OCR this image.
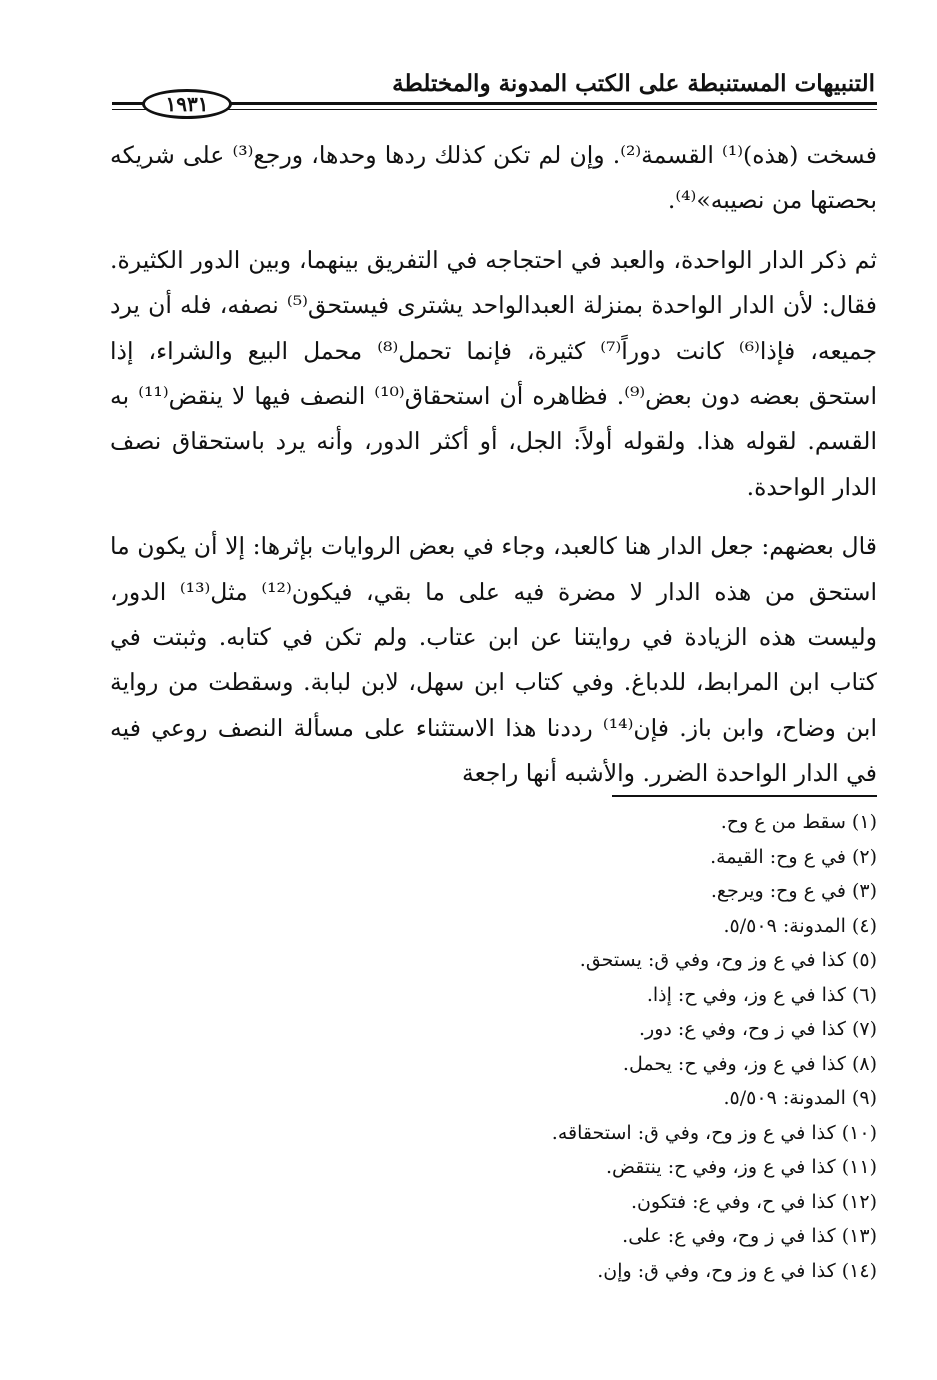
التنبيهات المستنبطة على الكتب المدونة والمختلطة
١٩٣١

فسخت (هذه)⁽¹⁾ القسمة⁽²⁾. وإن لم تكن كذلك ردها وحدها، ورجع⁽³⁾ على شريكه بحصتها من نصيبه»⁽⁴⁾.

ثم ذكر الدار الواحدة، والعبد في احتجاجه في التفريق بينهما، وبين الدور الكثيرة. فقال: لأن الدار الواحدة بمنزلة العبدالواحد يشترى فيستحق⁽⁵⁾ نصفه، فله أن يرد جميعه، فإذا⁽⁶⁾ كانت دوراً⁽⁷⁾ كثيرة، فإنما تحمل⁽⁸⁾ محمل البيع والشراء، إذا استحق بعضه دون بعض⁽⁹⁾. فظاهره أن استحقاق⁽¹⁰⁾ النصف فيها لا ينقض⁽¹¹⁾ به القسم. لقوله هذا. ولقوله أولاً: الجل، أو أكثر الدور، وأنه يرد باستحقاق نصف الدار الواحدة.

قال بعضهم: جعل الدار هنا كالعبد، وجاء في بعض الروايات بإثرها: إلا أن يكون ما استحق من هذه الدار لا مضرة فيه على ما بقي، فيكون⁽¹²⁾ مثل⁽¹³⁾ الدور، وليست هذه الزيادة في روايتنا عن ابن عتاب. ولم تكن في كتابه. وثبتت في كتاب ابن المرابط، للدباغ. وفي كتاب ابن سهل، لابن لبابة. وسقطت من رواية ابن وضاح، وابن باز. فإن⁽¹⁴⁾ رددنا هذا الاستثناء على مسألة النصف روعي فيه في الدار الواحدة الضرر. والأشبه أنها راجعة

(١) سقط من ع وح.
(٢) في ع وح: القيمة.
(٣) في ع وح: ويرجع.
(٤) المدونة: ٥/٥٠٩.
(٥) كذا في ع وز وح، وفي ق: يستحق.
(٦) كذا في ع وز، وفي ح: إذا.
(٧) كذا في ز وح، وفي ع: دور.
(٨) كذا في ع وز، وفي ح: يحمل.
(٩) المدونة: ٥/٥٠٩.
(١٠) كذا في ع وز وح، وفي ق: استحقاقه.
(١١) كذا في ع وز، وفي ح: ينتقض.
(١٢) كذا في ح، وفي ع: فتكون.
(١٣) كذا في ز وح، وفي ع: على.
(١٤) كذا في ع وز وح، وفي ق: وإن.
